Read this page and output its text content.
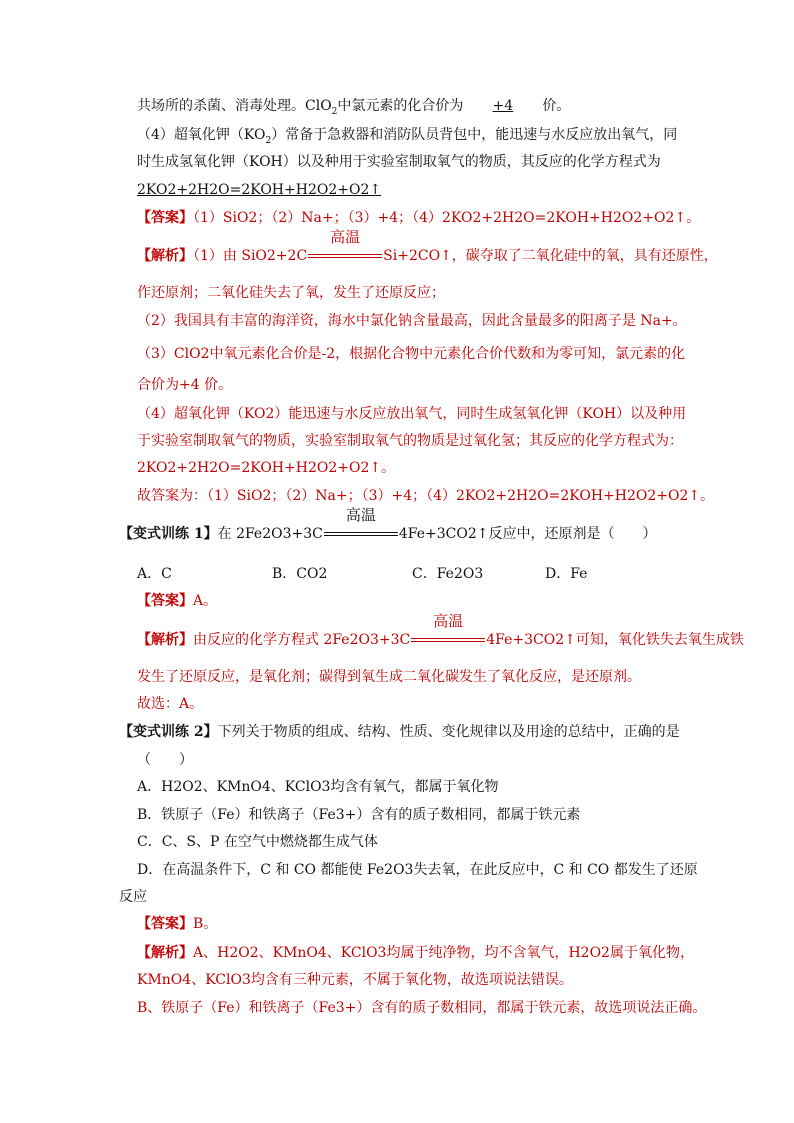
共场所的杀菌、消毒处理。ClO$_2$中氯元素的化合价为 +4 价。
（4）超氧化钾$(KO_2)$常备于急救器和消防队员背包中，能迅速与水反应放出氧气，同
时生成氢氧化钾（KOH）以及种用于实验室制取氧气的物质，其反应的化学方程式为
2KO2+2H2O=2KOH+H2O2+O2↑
【答案】（1）SiO2；（2）Na+；（3）+4；（4）2KO2+2H2O=2KOH+H2O2+O2↑。
【解析】（1）由 SiO2+2C
高温
Si+2CO↑，碳夺取了二氧化硅中的氧，具有还原性，
作还原剂；二氧化硅失去了氧，发生了还原反应；
（2）我国具有丰富的海洋资，海水中氯化钠含量最高，因此含量最多的阳离子是 Na+。
（3）ClO2中氧元素化合价是-2，根据化合物中元素化合价代数和为零可知，氯元素的化
合价为+4 价。
（4）超氧化钾（KO2）能迅速与水反应放出氧气，同时生成氢氧化钾（KOH）以及种用
于实验室制取氧气的物质，实验室制取氧气的物质是过氧化氢；其反应的化学方程式为：
2KO2+2H2O=2KOH+H2O2+O2↑。
故答案为：（1）SiO2；（2）Na+；（3）+4；（4）2KO2+2H2O=2KOH+H2O2+O2↑。
【变式训练 1】在 2Fe2O3+3C
高温
4Fe+3CO2↑反应中，还原剂是（　　）
A．C	B．CO2	C．Fe2O3	D．Fe
【答案】A。
【解析】由反应的化学方程式 2Fe2O3+3C
高温
4Fe+3CO2↑可知，氧化铁失去氧生成铁
发生了还原反应，是氧化剂；碳得到氧生成二氧化碳发生了氧化反应，是还原剂。
故选：A。
【变式训练 2】下列关于物质的组成、结构、性质、变化规律以及用途的总结中，正确的是
（　　）
A．H2O2、KMnO4、KClO3均含有氧气，都属于氧化物
B．铁原子（Fe）和铁离子（Fe3+）含有的质子数相同，都属于铁元素
C．C、S、P 在空气中燃烧都生成气体
D．在高温条件下，C 和 CO 都能使 Fe2O3失去氧，在此反应中，C 和 CO 都发生了还原
反应
【答案】B。
【解析】A、H2O2、KMnO4、KClO3均属于纯净物，均不含氧气，H2O2属于氧化物，
KMnO4、KClO3均含有三种元素，不属于氧化物，故选项说法错误。
B、铁原子（Fe）和铁离子（Fe3+）含有的质子数相同，都属于铁元素，故选项说法正确。
